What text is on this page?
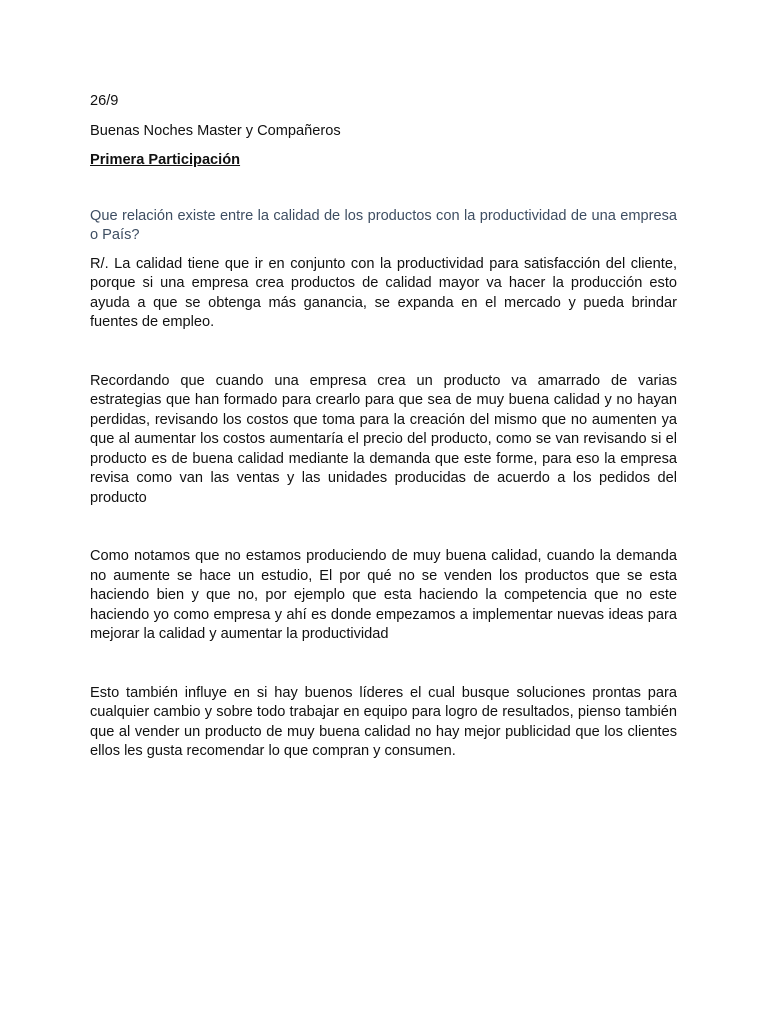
26/9

Buenas Noches Master y Compañeros

Primera Participación

Que relación existe entre la calidad de los productos con la productividad de una empresa o País?

R/. La calidad tiene que ir en conjunto con la productividad para satisfacción del cliente, porque si una empresa crea productos de calidad mayor va hacer la producción esto ayuda a que se obtenga más ganancia, se expanda en el mercado y pueda brindar fuentes de empleo.

Recordando que cuando una empresa crea un producto va amarrado de varias estrategias que han formado para crearlo para que sea de muy buena calidad y no hayan perdidas, revisando los costos que toma para la creación del mismo que no aumenten ya que al aumentar los costos aumentaría el precio del producto, como se van revisando si el producto es de buena calidad mediante la demanda que este forme, para eso la empresa revisa como van las ventas y las unidades producidas de acuerdo a los pedidos del producto

Como notamos que no estamos produciendo de muy buena calidad, cuando la demanda no aumente se hace un estudio, El por qué no se venden los productos que se esta haciendo bien y que no, por ejemplo que esta haciendo la competencia que no este haciendo yo como empresa y ahí es donde empezamos a implementar nuevas ideas para mejorar la calidad y aumentar la productividad

Esto también influye en si hay buenos líderes el cual busque soluciones prontas para cualquier cambio y sobre todo trabajar en equipo para logro de resultados, pienso también que al vender un producto de muy buena calidad no hay mejor publicidad que los clientes ellos les gusta recomendar lo que compran y consumen.
